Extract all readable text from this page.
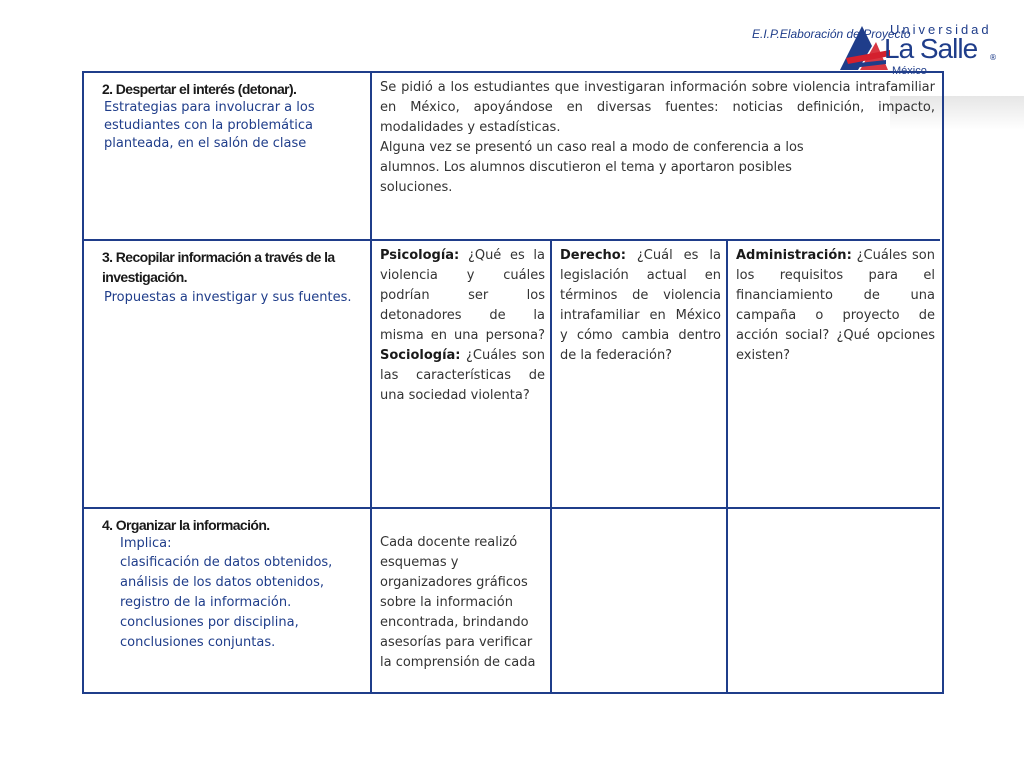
E.I.P.Elaboración de Proyecto
Universidad
La Salle ®
México
2. Despertar el interés (detonar).
Estrategias para involucrar a los estudiantes con la problemática planteada, en el salón de clase
Se pidió a los estudiantes que investigaran información sobre violencia intrafamiliar en México, apoyándose en diversas fuentes: noticias definición, impacto, modalidades y estadísticas.
Alguna vez se presentó un caso real a modo de conferencia a los alumnos. Los alumnos discutieron el tema y aportaron posibles soluciones.
3. Recopilar información a través de la investigación.
Propuestas a investigar y sus fuentes.
Psicología: ¿Qué es la violencia y cuáles podrían ser los detonadores de la misma en una persona? Sociología: ¿Cuáles son las características de una sociedad violenta?
Derecho: ¿Cuál es la legislación actual en términos de violencia intrafamiliar en México y cómo cambia dentro de la federación?
Administración: ¿Cuáles son los requisitos para el financiamiento de una campaña o proyecto de acción social? ¿Qué opciones existen?
4. Organizar la información.
Implica:
clasificación de datos obtenidos, análisis de los datos obtenidos, registro de la información. conclusiones por disciplina, conclusiones conjuntas.
Cada docente realizó esquemas y organizadores gráficos sobre la información encontrada, brindando asesorías para verificar la comprensión de cada
